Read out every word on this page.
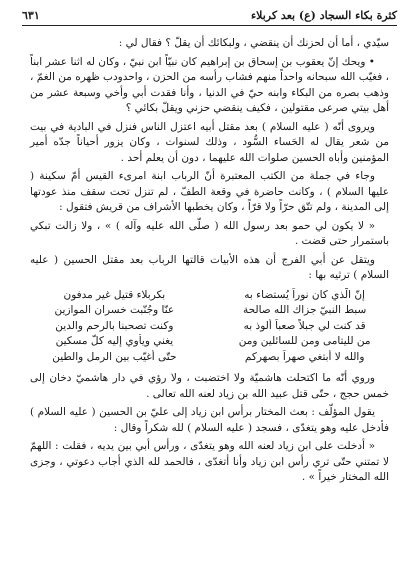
كثرة بكاء السجاد (ع) بعد كربلاء
٦٣١

سيّدي ، أما أن لحزنك أن ينقضي ، ولبكائك أن يقلّ ؟ فقال لي :

• ويحك إنّ يعقوب بن إسحاق بن إبراهيم كان نبيّاً ابن نبيّ ، وكان له اثنا عشر ابناً ، فغيّب الله سبحانه واحداً منهم فشاب رأسه من الحزن ، واحدودب ظهره من الغمّ ، وذهب بصره من البكاء وابنه حيّ في الدنيا ، وأنا فقدت أبي وأخي وسبعة عشر من أهل بيتي صرعى مقتولين ، فكيف ينقضي حزني ويقلّ بكائي ؟

ويروى أنّه ( عليه السلام ) بعد مقتل أبيه اعتزل الناس فنزل في البادية في بيت من شعر يقال له الحَساء السُّود ، وذلك لسنوات ، وكان يزور أحياناً جدّه أمير المؤمنين وأباه الحسين صلوات الله عليهما ، دون أن يعلم أحد .

وجاء في جملة من الكتب المعتبرة أنّ الرباب ابنة امرىء القيس أمّ سكينة ( عليها السلام ) ، وكانت حاضرة في وقعة الطفّ ، لم تنزل تحت سقف منذ عودتها إلى المدينة ، ولم تتّق حرّاً ولا قرّاً ، وكان يخطبها الأشراف من قريش فتقول :

« لا يكون لي حمو بعد رسول الله ( صلّى الله عليه وآله ) » ، ولا زالت تبكي باستمرار حتى قضت .

ويتقل عن أبي الفرج أن هذه الأبيات قالتها الرباب بعد مقتل الحسين ( عليه السلام ) ترثيه بها :

إنّ الّذي كان نوراً يُستضاء به
بكربلاء قتيل غير مدفون
سبط النبيّ جزاك الله صالحة
عنّا وجُنّبت خسران الموازين
قد كنت لي جبلاً صعباً ألوذ به
وكنت تصحبنا بالرحم والدين
من لليتامى ومن للسائلين ومن
يغني ويأوي إليه كلّ مسكين
والله لا أبتغي صهراً بصهركم
حتّى أُغيّب بين الرمل والطين

وروي أنّه ما اكتحلت هاشميّة ولا اختضبت ، ولا رؤي في دار هاشميّ دخان إلى خمس حجج ، حتّى قتل عبيد الله بن زياد لعنه الله تعالى .

يقول المؤلّف : بعث المختار برأس ابن زياد إلى عليّ بن الحسين ( عليه السلام ) فأدخل عليه وهو يتغدّى ، فسجد ( عليه السلام ) لله شكراً وقال :

« أدخلت على ابن زياد لعنه الله وهو يتغدّى ، ورأس أبي بين يديه ، فقلت : اللهمّ لا تمتني حتّى تري رأس ابن زياد وأنا أتغدّى ، فالحمد لله الذي أجاب دعوتي ، وجزى الله المختار خيراً » .
